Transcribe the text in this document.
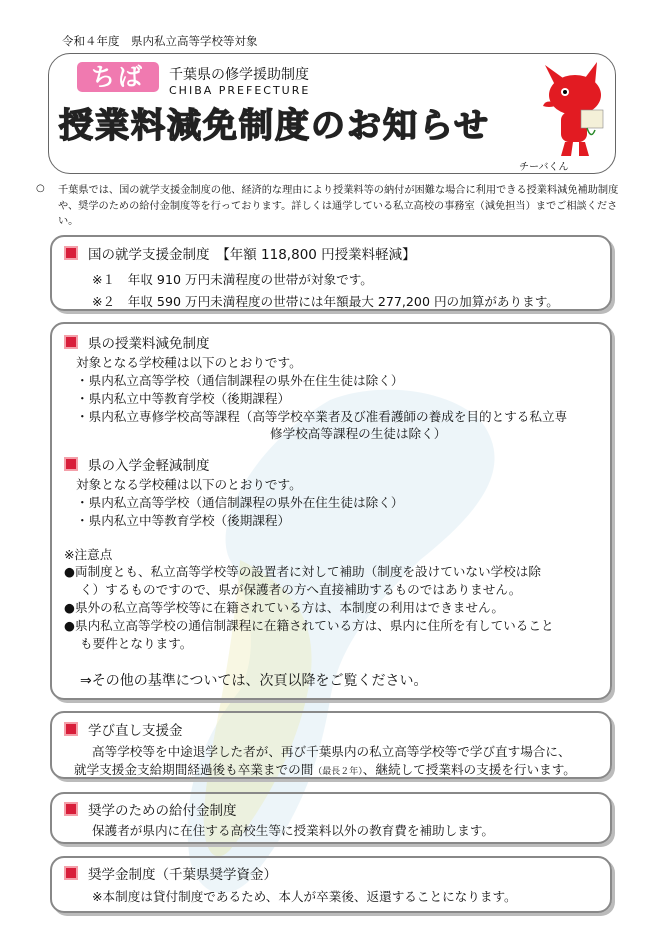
令和４年度　県内私立高等学校等対象
ちば	千葉県の修学援助制度
CHIBA PREFECTURE
授業料減免制度のお知らせ
チーバくん
○ 千葉県では、国の就学支援金制度の他、経済的な理由により授業料等の納付が困難な場合に利用できる授業料減免補助制度や、奨学のための給付金制度等を行っております。詳しくは通学している私立高校の事務室（減免担当）までご相談ください。
国の就学支援金制度　【年額 118,800 円授業料軽減】
※１　年収 910 万円未満程度の世帯が対象です。
※２　年収 590 万円未満程度の世帯には年額最大 277,200 円の加算があります。
県の授業料減免制度
対象となる学校種は以下のとおりです。
・県内私立高等学校（通信制課程の県外在住生徒は除く）
・県内私立中等教育学校（後期課程）
・県内私立専修学校高等課程（高等学校卒業者及び准看護師の養成を目的とする私立専
修学校高等課程の生徒は除く）
県の入学金軽減制度
対象となる学校種は以下のとおりです。
・県内私立高等学校（通信制課程の県外在住生徒は除く）
・県内私立中等教育学校（後期課程）
※注意点
●両制度とも、私立高等学校等の設置者に対して補助（制度を設けていない学校は除
く）するものですので、県が保護者の方へ直接補助するものではありません。
●県外の私立高等学校等に在籍されている方は、本制度の利用はできません。
●県内私立高等学校の通信制課程に在籍されている方は、県内に住所を有していること
も要件となります。
⇒その他の基準については、次頁以降をご覧ください。
学び直し支援金
高等学校等を中途退学した者が、再び千葉県内の私立高等学校等で学び直す場合に、
就学支援金支給期間経過後も卒業までの間（最長２年）、継続して授業料の支援を行います。
奨学のための給付金制度
保護者が県内に在住する高校生等に授業料以外の教育費を補助します。
奨学金制度（千葉県奨学資金）
※本制度は貸付制度であるため、本人が卒業後、返還することになります。
